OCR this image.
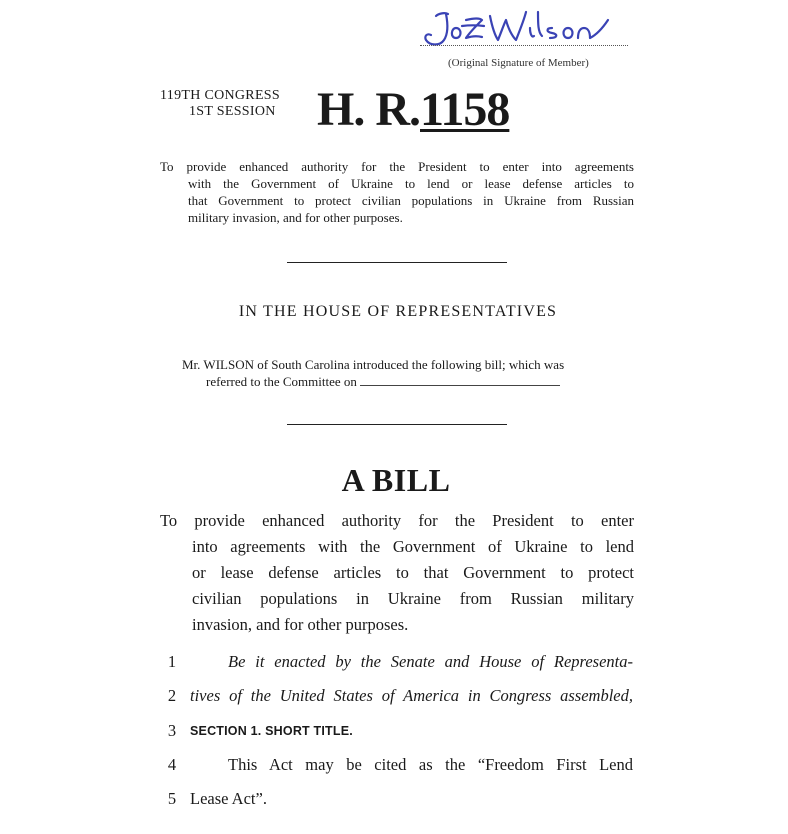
(Original Signature of Member)
119TH CONGRESS
1ST SESSION H. R.1158
To provide enhanced authority for the President to enter into agreements
with the Government of Ukraine to lend or lease defense articles to
that Government to protect civilian populations in Ukraine from Russian
military invasion, and for other purposes.
IN THE HOUSE OF REPRESENTATIVES
Mr. WILSON of South Carolina introduced the following bill; which was
referred to the Committee on
A BILL
To provide enhanced authority for the President to enter
into agreements with the Government of Ukraine to lend
or lease defense articles to that Government to protect
civilian populations in Ukraine from Russian military
invasion, and for other purposes.
1	Be it enacted by the Senate and House of Representa-
2 tives of the United States of America in Congress assembled,
3	SECTION 1. SHORT TITLE.
4	This Act may be cited as the “Freedom First Lend
5 Lease Act”.
